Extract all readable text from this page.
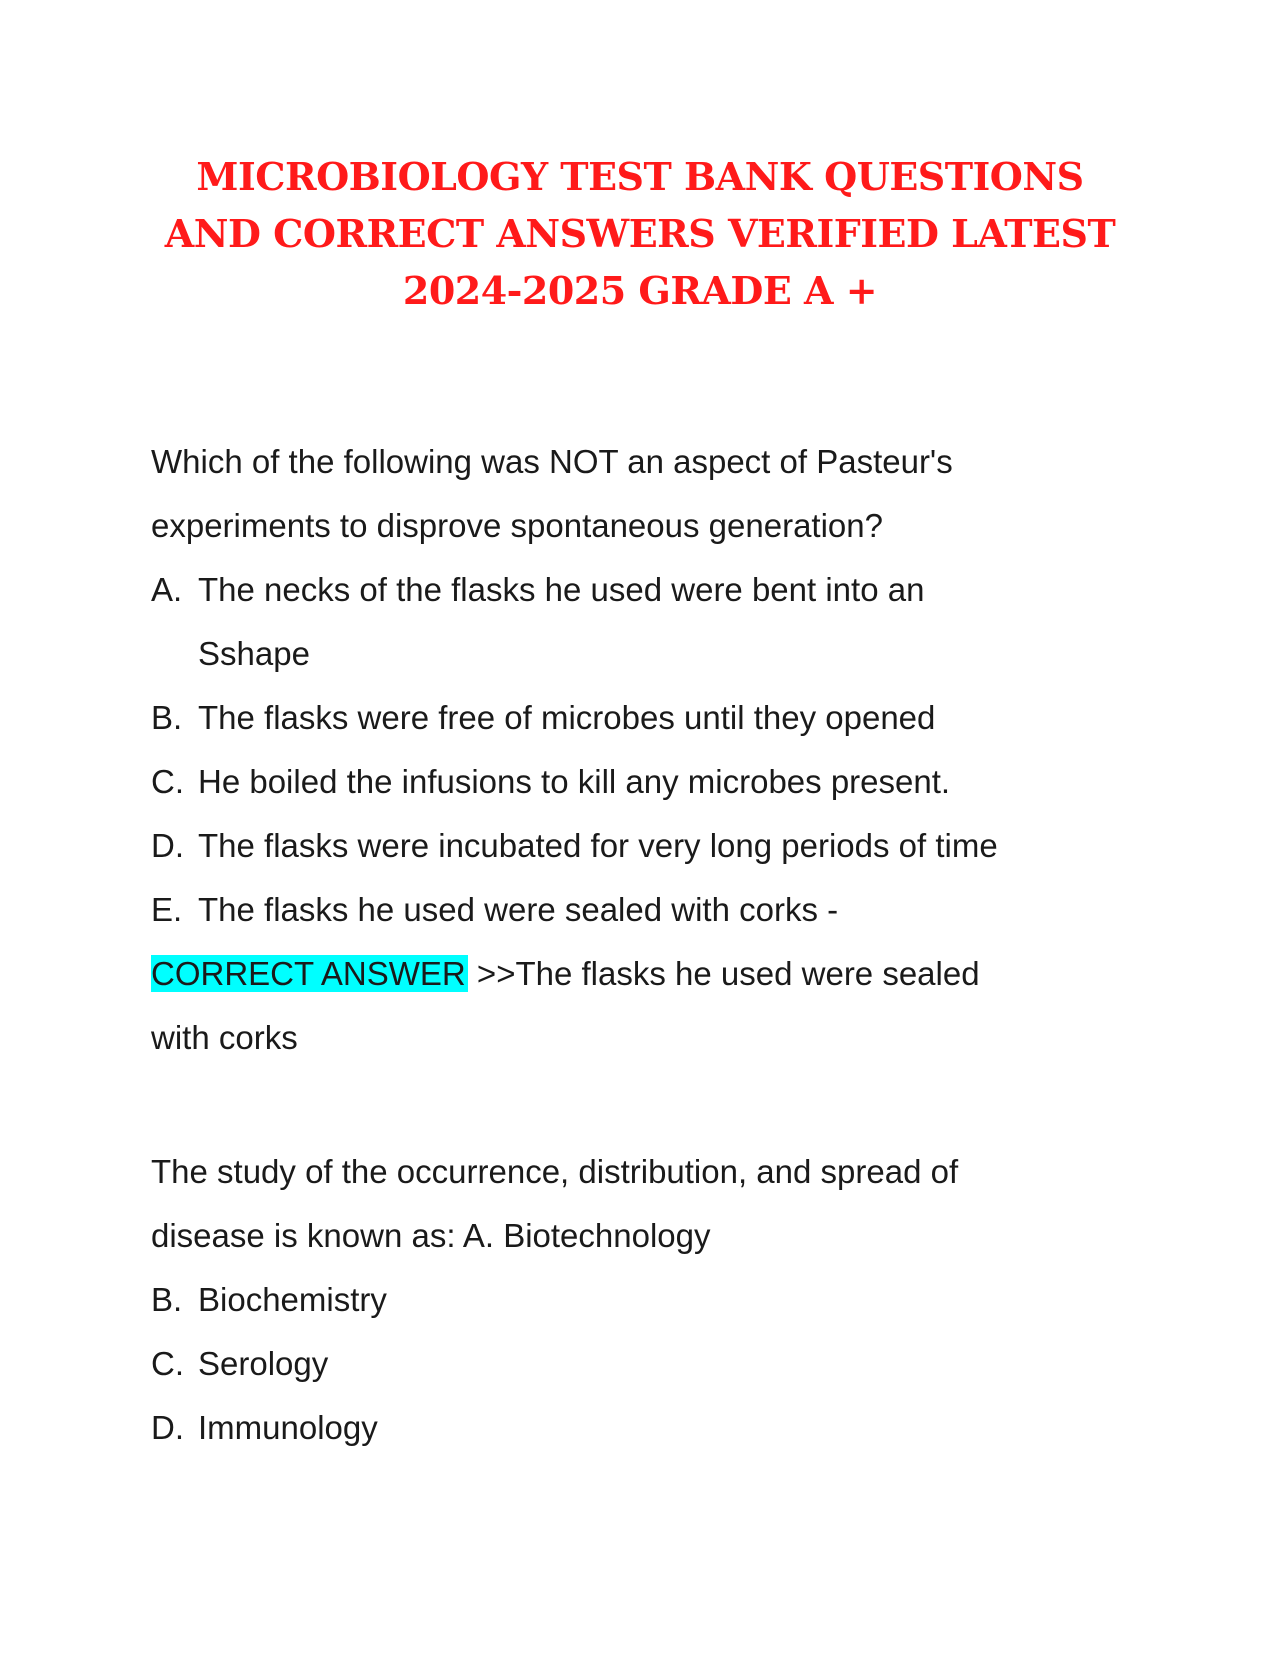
MICROBIOLOGY TEST BANK QUESTIONS
AND CORRECT ANSWERS VERIFIED LATEST
2024-2025 GRADE A +
Which of the following was NOT an aspect of Pasteur's
experiments to disprove spontaneous generation?
A. The necks of the flasks he used were bent into an
Sshape
B. The flasks were free of microbes until they opened
C. He boiled the infusions to kill any microbes present.
D. The flasks were incubated for very long periods of time
E. The flasks he used were sealed with corks -
CORRECT ANSWER >>The flasks he used were sealed
with corks
The study of the occurrence, distribution, and spread of
disease is known as: A. Biotechnology
B. Biochemistry
C. Serology
D. Immunology
